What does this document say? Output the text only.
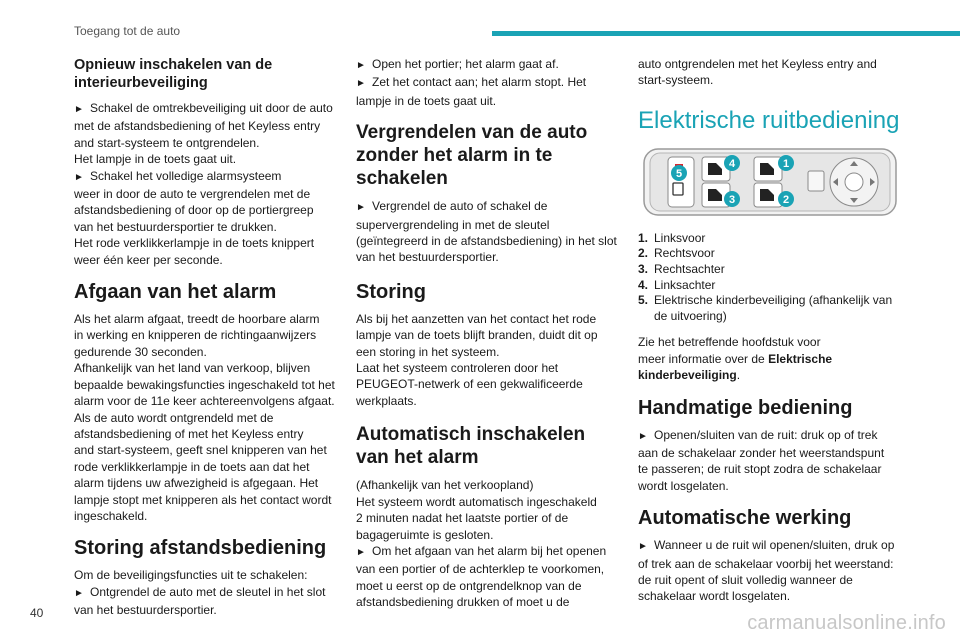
Toegang tot de auto
Opnieuw inschakelen van de
interieurbeveiliging
► Schakel de omtrekbeveiliging uit door de auto
met de afstandsbediening of het Keyless entry
and start-systeem te ontgrendelen.
Het lampje in de toets gaat uit.
► Schakel het volledige alarmsysteem
weer in door de auto te vergrendelen met de
afstandsbediening of door op de portiergreep
van het bestuurdersportier te drukken.
Het rode verklikkerlampje in de toets knippert
weer één keer per seconde.
Afgaan van het alarm
Als het alarm afgaat, treedt de hoorbare alarm
in werking en knipperen de richtingaanwijzers
gedurende 30 seconden.
Afhankelijk van het land van verkoop, blijven
bepaalde bewakingsfuncties ingeschakeld tot het
alarm voor de 11e keer achtereenvolgens afgaat.
Als de auto wordt ontgrendeld met de
afstandsbediening of met het Keyless entry
and start-systeem, geeft snel knipperen van het
rode verklikkerlampje in de toets aan dat het
alarm tijdens uw afwezigheid is afgegaan. Het
lampje stopt met knipperen als het contact wordt
ingeschakeld.
Storing afstandsbediening
Om de beveiligingsfuncties uit te schakelen:
► Ontgrendel de auto met de sleutel in het slot
van het bestuurdersportier.
► Open het portier; het alarm gaat af.
► Zet het contact aan; het alarm stopt. Het
lampje in de toets gaat uit.
Vergrendelen van de auto
zonder het alarm in te
schakelen
► Vergrendel de auto of schakel de
supervergrendeling in met de sleutel
(geïntegreerd in de afstandsbediening) in het slot
van het bestuurdersportier.
Storing
Als bij het aanzetten van het contact het rode
lampje van de toets blijft branden, duidt dit op
een storing in het systeem.
Laat het systeem controleren door het
PEUGEOT-netwerk of een gekwalificeerde
werkplaats.
Automatisch inschakelen
van het alarm
(Afhankelijk van het verkoopland)
Het systeem wordt automatisch ingeschakeld
2 minuten nadat het laatste portier of de
bagageruimte is gesloten.
► Om het afgaan van het alarm bij het openen
van een portier of de achterklep te voorkomen,
moet u eerst op de ontgrendelknop van de
afstandsbediening drukken of moet u de
auto ontgrendelen met het Keyless entry and
start-systeem.
Elektrische ruitbediening
5
4
3
1
2
1. Linksvoor
2. Rechtsvoor
3. Rechtsachter
4. Linksachter
5. Elektrische kinderbeveiliging (afhankelijk van
de uitvoering)
Zie het betreffende hoofdstuk voor
meer informatie over de Elektrische
kinderbeveiliging.
Handmatige bediening
► Openen/sluiten van de ruit: druk op of trek
aan de schakelaar zonder het weerstandspunt
te passeren; de ruit stopt zodra de schakelaar
wordt losgelaten.
Automatische werking
► Wanneer u de ruit wil openen/sluiten, druk op
of trek aan de schakelaar voorbij het weerstand:
de ruit opent of sluit volledig wanneer de
schakelaar wordt losgelaten.
40	carmanualsonline.info
